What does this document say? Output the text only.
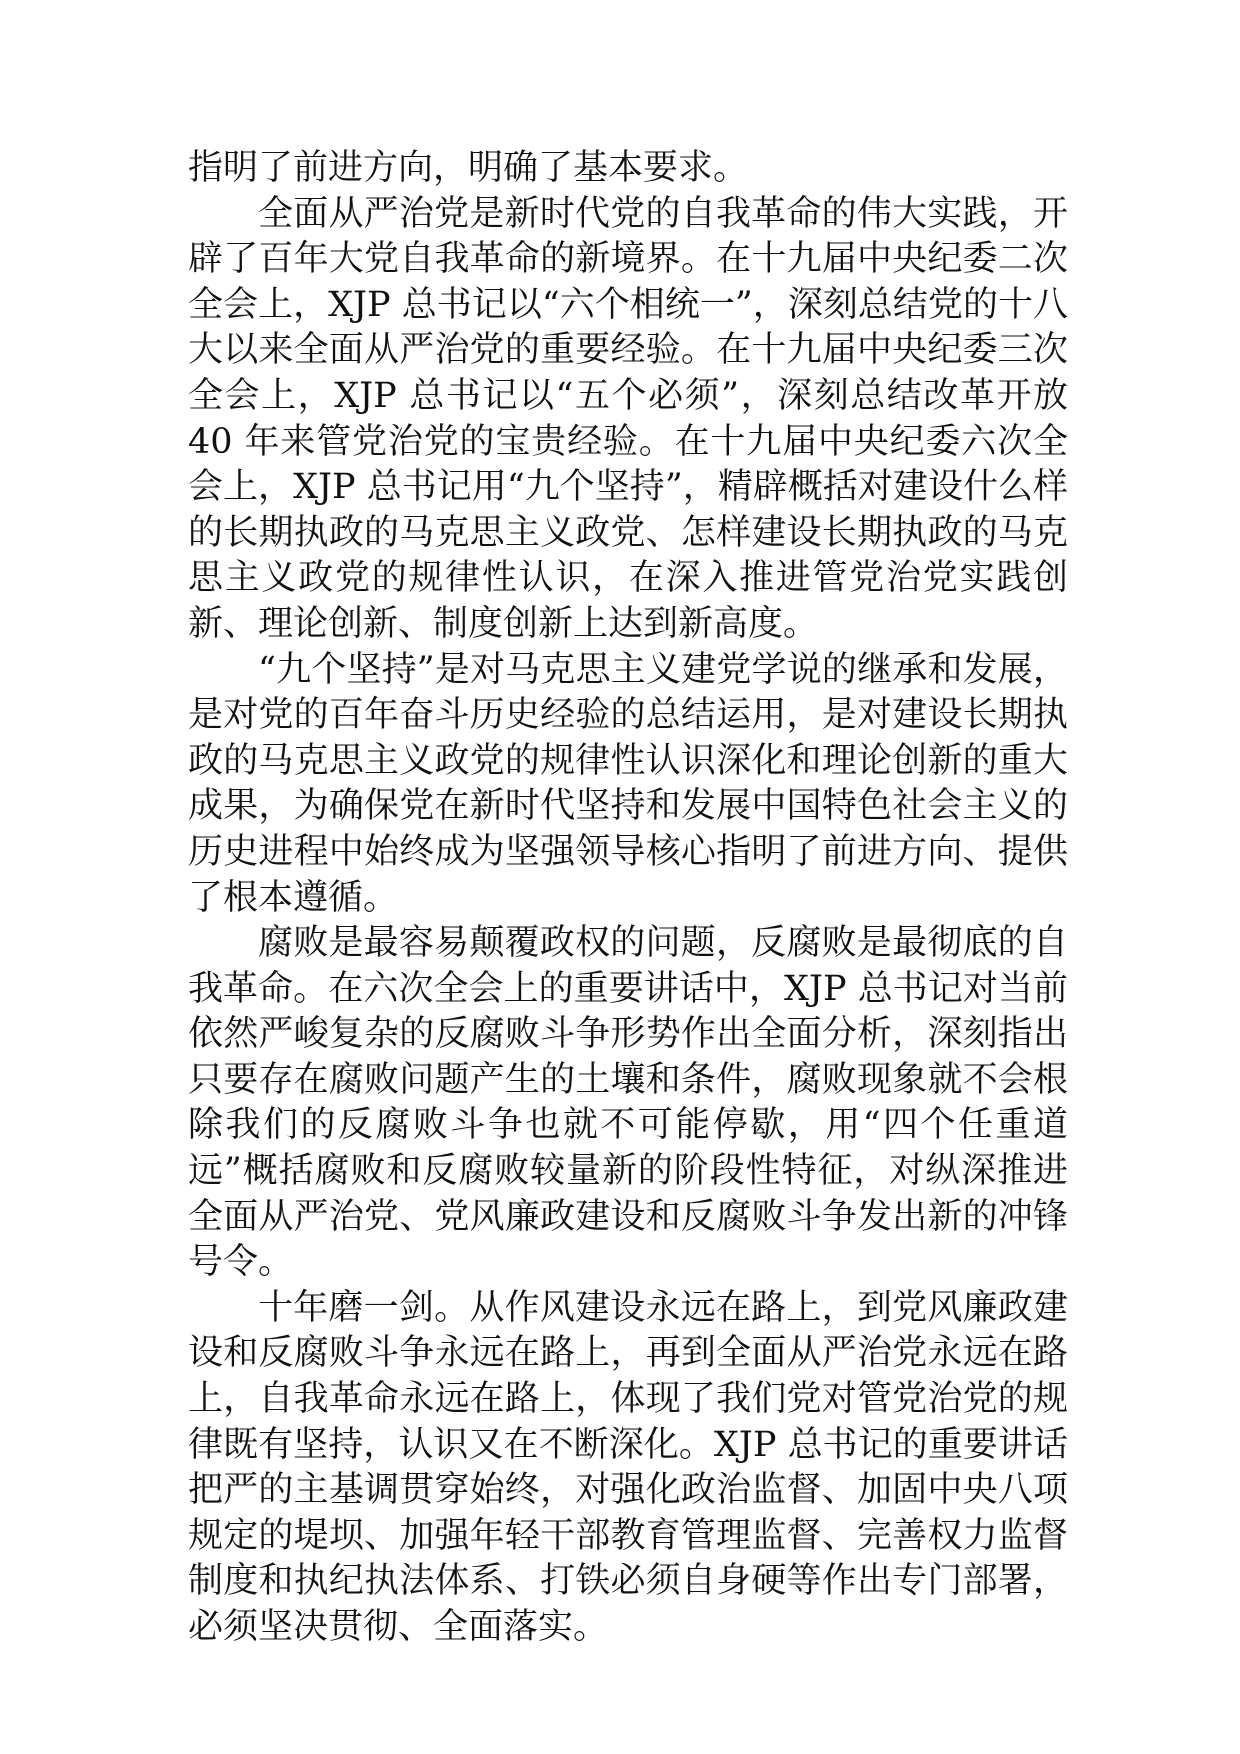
指明了前进方向，明确了基本要求。

全面从严治党是新时代党的自我革命的伟大实践，开辟了百年大党自我革命的新境界。在十九届中央纪委二次全会上，XJP 总书记以“六个相统一”，深刻总结党的十八大以来全面从严治党的重要经验。在十九届中央纪委三次全会上，XJP 总书记以“五个必须”，深刻总结改革开放 40 年来管党治党的宝贵经验。在十九届中央纪委六次全会上，XJP 总书记用“九个坚持”，精辟概括对建设什么样的长期执政的马克思主义政党、怎样建设长期执政的马克思主义政党的规律性认识，在深入推进管党治党实践创新、理论创新、制度创新上达到新高度。

“九个坚持”是对马克思主义建党学说的继承和发展，是对党的百年奋斗历史经验的总结运用，是对建设长期执政的马克思主义政党的规律性认识深化和理论创新的重大成果，为确保党在新时代坚持和发展中国特色社会主义的历史进程中始终成为坚强领导核心指明了前进方向、提供了根本遵循。

腐败是最容易颠覆政权的问题，反腐败是最彻底的自我革命。在六次全会上的重要讲话中，XJP 总书记对当前依然严峻复杂的反腐败斗争形势作出全面分析，深刻指出只要存在腐败问题产生的土壤和条件，腐败现象就不会根除我们的反腐败斗争也就不可能停歇，用“四个任重道远”概括腐败和反腐败较量新的阶段性特征，对纵深推进全面从严治党、党风廉政建设和反腐败斗争发出新的冲锋号令。

十年磨一剑。从作风建设永远在路上，到党风廉政建设和反腐败斗争永远在路上，再到全面从严治党永远在路上，自我革命永远在路上，体现了我们党对管党治党的规律既有坚持，认识又在不断深化。XJP 总书记的重要讲话把严的主基调贯穿始终，对强化政治监督、加固中央八项规定的堤坝、加强年轻干部教育管理监督、完善权力监督制度和执纪执法体系、打铁必须自身硬等作出专门部署，必须坚决贯彻、全面落实。
